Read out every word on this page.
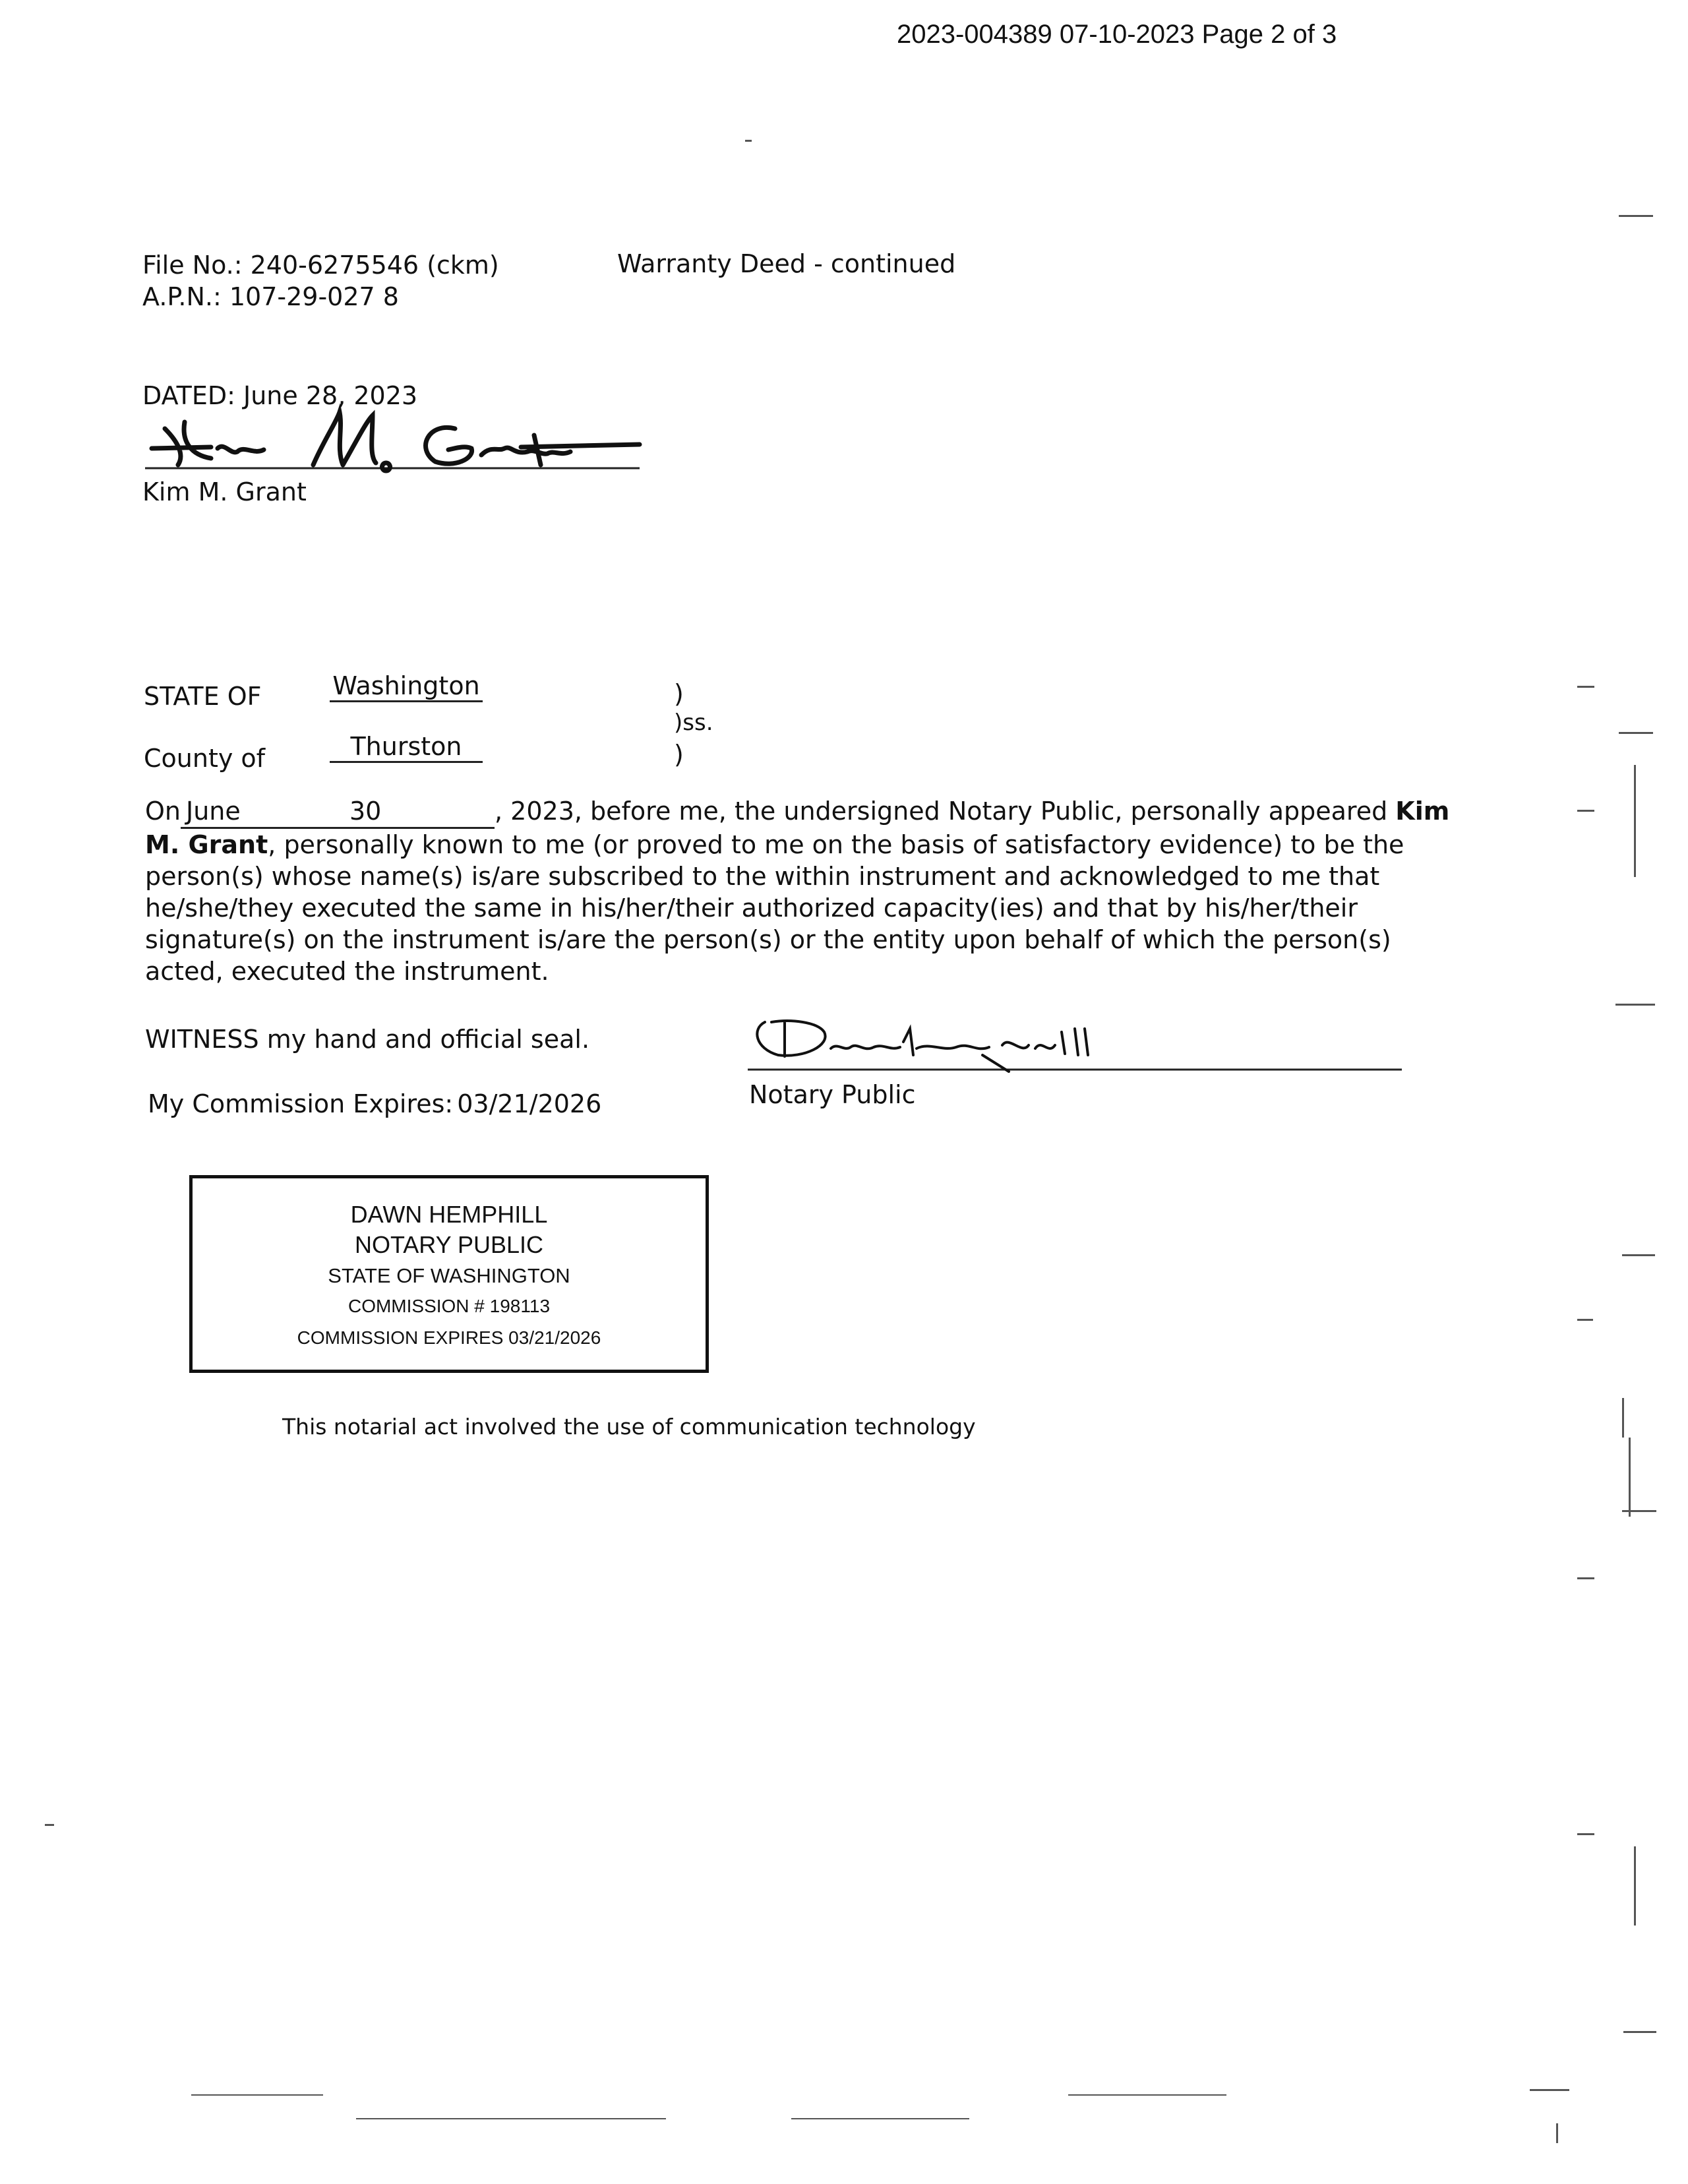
2023-004389 07-10-2023 Page 2 of 3
File No.: 240-6275546 (ckm)
A.P.N.: 107-29-027 8
Warranty Deed - continued
DATED: June 28, 2023
Kim M. Grant
STATE OF	Washington	)
)ss.
County of	Thurston	)

On June	30	, 2023, before me, the undersigned Notary Public, personally appeared Kim

M. Grant, personally known to me (or proved to me on the basis of satisfactory evidence) to be the

person(s) whose name(s) is/are subscribed to the within instrument and acknowledged to me that

he/she/they executed the same in his/her/their authorized capacity(ies) and that by his/her/their

signature(s) on the instrument is/are the person(s) or the entity upon behalf of which the person(s)

acted, executed the instrument.

WITNESS my hand and official seal.
My Commission Expires: 03/21/2026	Notary Public
DAWN HEMPHILL
NOTARY PUBLIC
STATE OF WASHINGTON
COMMISSION # 198113
COMMISSION EXPIRES 03/21/2026
This notarial act involved the use of communication technology
